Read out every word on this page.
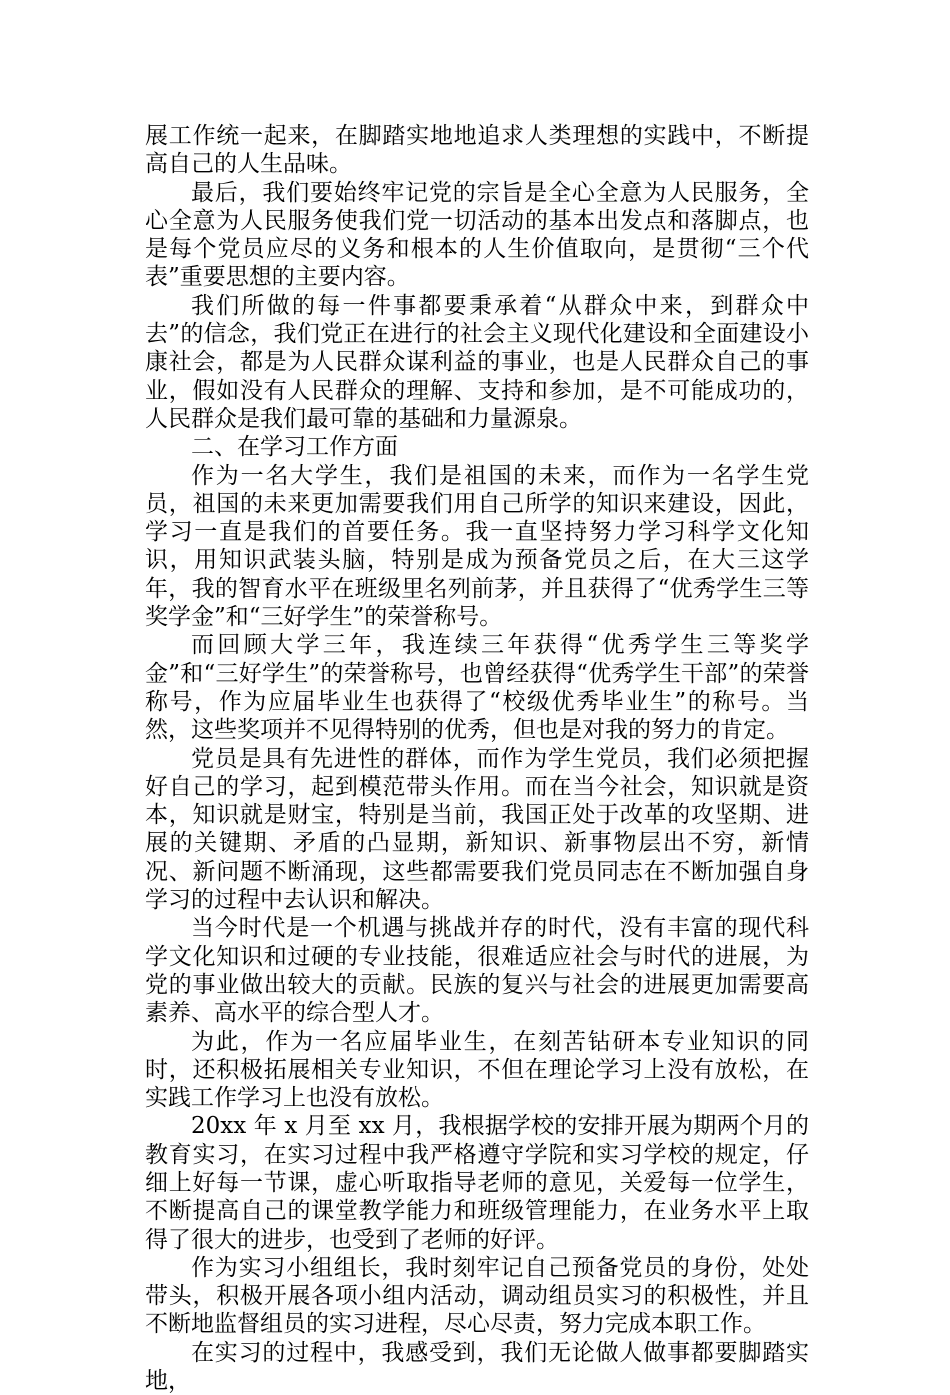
展工作统一起来，在脚踏实地地追求人类理想的实践中，不断提高自己的人生品味。

最后，我们要始终牢记党的宗旨是全心全意为人民服务，全心全意为人民服务使我们党一切活动的基本出发点和落脚点，也是每个党员应尽的义务和根本的人生价值取向，是贯彻“三个代表”重要思想的主要内容。

我们所做的每一件事都要秉承着“从群众中来，到群众中去”的信念，我们党正在进行的社会主义现代化建设和全面建设小康社会，都是为人民群众谋利益的事业，也是人民群众自己的事业，假如没有人民群众的理解、支持和参加，是不可能成功的，人民群众是我们最可靠的基础和力量源泉。

二、在学习工作方面

作为一名大学生，我们是祖国的未来，而作为一名学生党员，祖国的未来更加需要我们用自己所学的知识来建设，因此，学习一直是我们的首要任务。我一直坚持努力学习科学文化知识，用知识武装头脑，特别是成为预备党员之后，在大三这学年，我的智育水平在班级里名列前茅，并且获得了“优秀学生三等奖学金”和“三好学生”的荣誉称号。

而回顾大学三年，我连续三年获得“优秀学生三等奖学金”和“三好学生”的荣誉称号，也曾经获得“优秀学生干部”的荣誉称号，作为应届毕业生也获得了“校级优秀毕业生”的称号。当然，这些奖项并不见得特别的优秀，但也是对我的努力的肯定。

党员是具有先进性的群体，而作为学生党员，我们必须把握好自己的学习，起到模范带头作用。而在当今社会，知识就是资本，知识就是财宝，特别是当前，我国正处于改革的攻坚期、进展的关键期、矛盾的凸显期，新知识、新事物层出不穷，新情况、新问题不断涌现，这些都需要我们党员同志在不断加强自身学习的过程中去认识和解决。

当今时代是一个机遇与挑战并存的时代，没有丰富的现代科学文化知识和过硬的专业技能，很难适应社会与时代的进展，为党的事业做出较大的贡献。民族的复兴与社会的进展更加需要高素养、高水平的综合型人才。

为此，作为一名应届毕业生，在刻苦钻研本专业知识的同时，还积极拓展相关专业知识，不但在理论学习上没有放松，在实践工作学习上也没有放松。

20xx 年 x 月至 xx 月，我根据学校的安排开展为期两个月的教育实习，在实习过程中我严格遵守学院和实习学校的规定，仔细上好每一节课，虚心听取指导老师的意见，关爱每一位学生，不断提高自己的课堂教学能力和班级管理能力，在业务水平上取得了很大的进步，也受到了老师的好评。

作为实习小组组长，我时刻牢记自己预备党员的身份，处处带头，积极开展各项小组内活动，调动组员实习的积极性，并且不断地监督组员的实习进程，尽心尽责，努力完成本职工作。

在实习的过程中，我感受到，我们无论做人做事都要脚踏实地，
